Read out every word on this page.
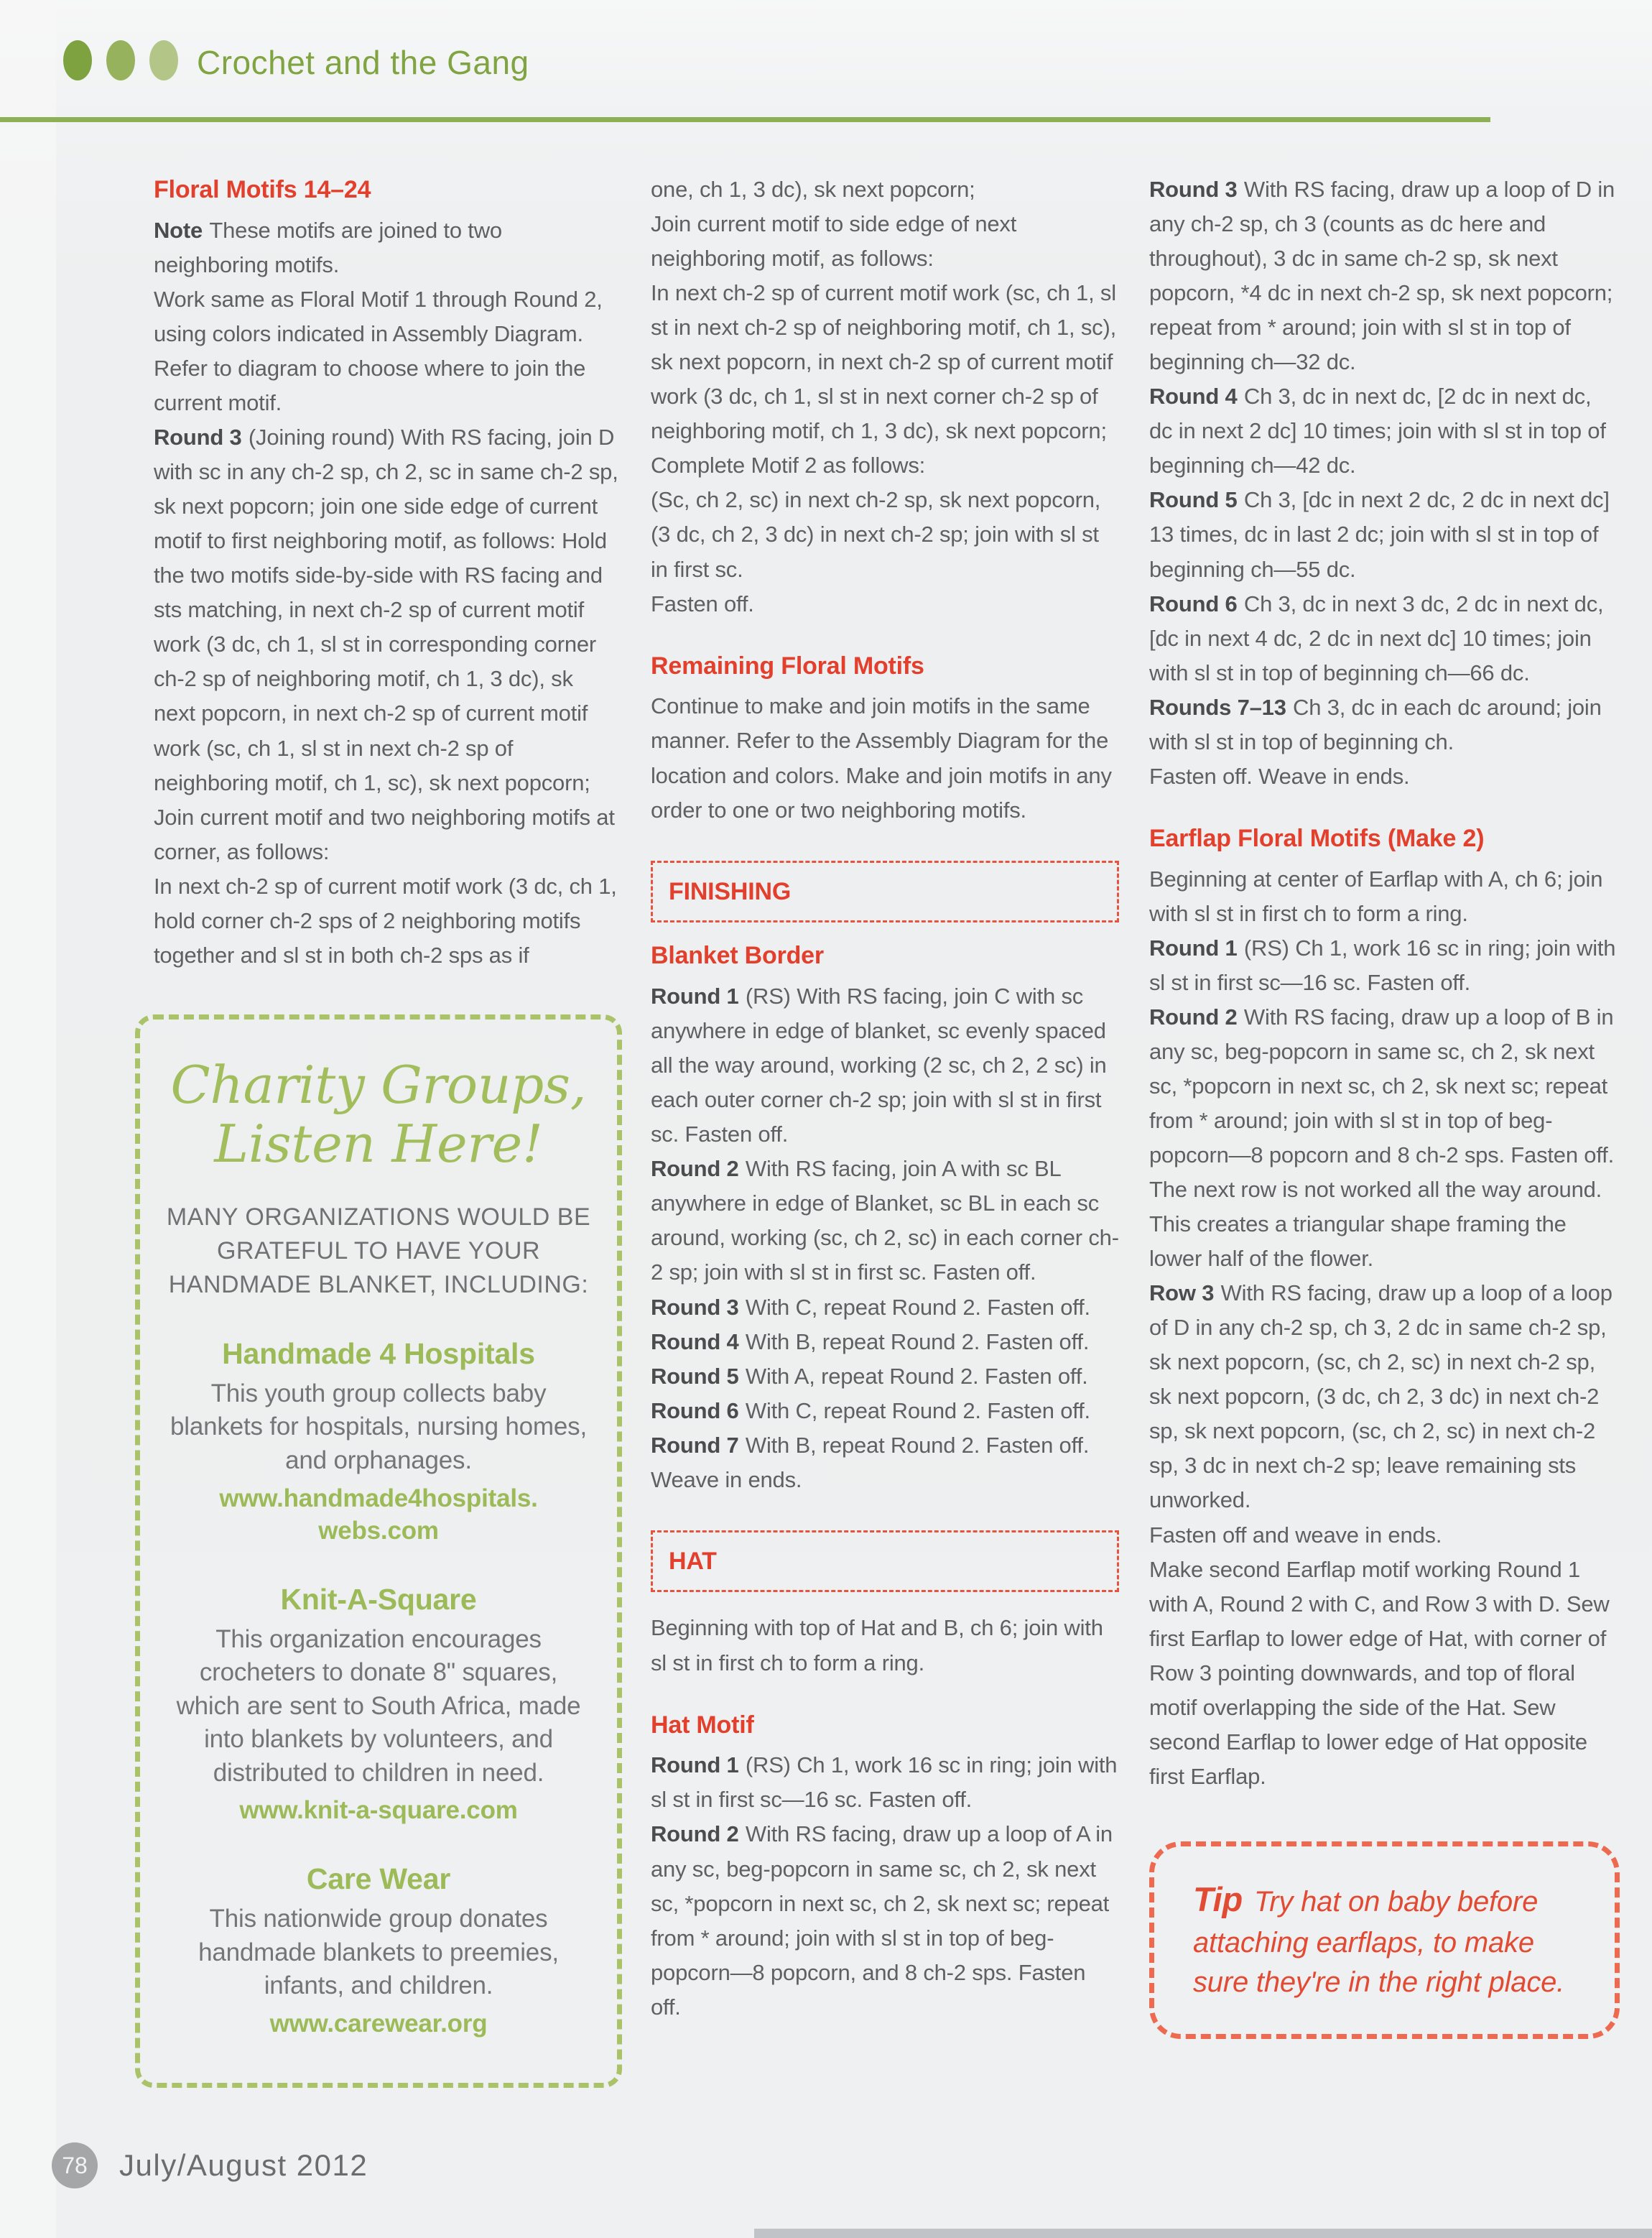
Crochet and the Gang
Floral Motifs 14–24

Note These motifs are joined to two neighboring motifs.

Work same as Floral Motif 1 through Round 2, using colors indicated in Assembly Diagram. Refer to diagram to choose where to join the current motif.

Round 3 (Joining round) With RS facing, join D with sc in any ch-2 sp, ch 2, sc in same ch-2 sp, sk next popcorn; join one side edge of current motif to first neighboring motif, as follows: Hold the two motifs side-by-side with RS facing and sts matching, in next ch-2 sp of current motif work (3 dc, ch 1, sl st in corresponding corner ch-2 sp of neighboring motif, ch 1, 3 dc), sk next popcorn, in next ch-2 sp of current motif work (sc, ch 1, sl st in next ch-2 sp of neighboring motif, ch 1, sc), sk next popcorn;

Join current motif and two neighboring motifs at corner, as follows:

In next ch-2 sp of current motif work (3 dc, ch 1, hold corner ch-2 sps of 2 neighboring motifs together and sl st in both ch-2 sps as if

Charity Groups,
Listen Here!
MANY ORGANIZATIONS WOULD BE GRATEFUL TO HAVE YOUR HANDMADE BLANKET, INCLUDING:
Handmade 4 Hospitals
This youth group collects baby blankets for hospitals, nursing homes, and orphanages.
www.handmade4hospitals. webs.com
Knit-A-Square
This organization encourages crocheters to donate 8" squares, which are sent to South Africa, made into blankets by volunteers, and distributed to children in need.
www.knit-a-square.com
Care Wear
This nationwide group donates handmade blankets to preemies, infants, and children.
www.carewear.org

one, ch 1, 3 dc), sk next popcorn;

Join current motif to side edge of next neighboring motif, as follows:

In next ch-2 sp of current motif work (sc, ch 1, sl st in next ch-2 sp of neighboring motif, ch 1, sc), sk next popcorn, in next ch-2 sp of current motif work (3 dc, ch 1, sl st in next corner ch-2 sp of neighboring motif, ch 1, 3 dc), sk next popcorn;

Complete Motif 2 as follows:

(Sc, ch 2, sc) in next ch-2 sp, sk next popcorn, (3 dc, ch 2, 3 dc) in next ch-2 sp; join with sl st in first sc.

Fasten off.

Remaining Floral Motifs

Continue to make and join motifs in the same manner. Refer to the Assembly Diagram for the location and colors. Make and join motifs in any order to one or two neighboring motifs.

FINISHING
Blanket Border

Round 1 (RS) With RS facing, join C with sc anywhere in edge of blanket, sc evenly spaced all the way around, working (2 sc, ch 2, 2 sc) in each outer corner ch-2 sp; join with sl st in first sc. Fasten off.

Round 2 With RS facing, join A with sc BL anywhere in edge of Blanket, sc BL in each sc around, working (sc, ch 2, sc) in each corner ch-2 sp; join with sl st in first sc. Fasten off.

Round 3 With C, repeat Round 2. Fasten off.

Round 4 With B, repeat Round 2. Fasten off.

Round 5 With A, repeat Round 2. Fasten off.

Round 6 With C, repeat Round 2. Fasten off.

Round 7 With B, repeat Round 2. Fasten off.

Weave in ends.

HAT

Beginning with top of Hat and B, ch 6; join with sl st in first ch to form a ring.

Hat Motif

Round 1 (RS) Ch 1, work 16 sc in ring; join with sl st in first sc—16 sc. Fasten off.

Round 2 With RS facing, draw up a loop of A in any sc, beg-popcorn in same sc, ch 2, sk next sc, *popcorn in next sc, ch 2, sk next sc; repeat from * around; join with sl st in top of beg-popcorn—8 popcorn, and 8 ch-2 sps. Fasten off.

Round 3 With RS facing, draw up a loop of D in any ch-2 sp, ch 3 (counts as dc here and throughout), 3 dc in same ch-2 sp, sk next popcorn, *4 dc in next ch-2 sp, sk next popcorn; repeat from * around; join with sl st in top of beginning ch—32 dc.

Round 4 Ch 3, dc in next dc, [2 dc in next dc, dc in next 2 dc] 10 times; join with sl st in top of beginning ch—42 dc.

Round 5 Ch 3, [dc in next 2 dc, 2 dc in next dc] 13 times, dc in last 2 dc; join with sl st in top of beginning ch—55 dc.

Round 6 Ch 3, dc in next 3 dc, 2 dc in next dc, [dc in next 4 dc, 2 dc in next dc] 10 times; join with sl st in top of beginning ch—66 dc.

Rounds 7–13 Ch 3, dc in each dc around; join with sl st in top of beginning ch.

Fasten off. Weave in ends.

Earflap Floral Motifs (Make 2)

Beginning at center of Earflap with A, ch 6; join with sl st in first ch to form a ring.

Round 1 (RS) Ch 1, work 16 sc in ring; join with sl st in first sc—16 sc. Fasten off.

Round 2 With RS facing, draw up a loop of B in any sc, beg-popcorn in same sc, ch 2, sk next sc, *popcorn in next sc, ch 2, sk next sc; repeat from * around; join with sl st in top of beg-popcorn—8 popcorn and 8 ch-2 sps. Fasten off.

The next row is not worked all the way around. This creates a triangular shape framing the lower half of the flower.

Row 3 With RS facing, draw up a loop of a loop of D in any ch-2 sp, ch 3, 2 dc in same ch-2 sp, sk next popcorn, (sc, ch 2, sc) in next ch-2 sp, sk next popcorn, (3 dc, ch 2, 3 dc) in next ch-2 sp, sk next popcorn, (sc, ch 2, sc) in next ch-2 sp, 3 dc in next ch-2 sp; leave remaining sts unworked.

Fasten off and weave in ends.

Make second Earflap motif working Round 1 with A, Round 2 with C, and Row 3 with D. Sew first Earflap to lower edge of Hat, with corner of Row 3 pointing downwards, and top of floral motif overlapping the side of the Hat. Sew second Earflap to lower edge of Hat opposite first Earflap.

Tip Try hat on baby before attaching earflaps, to make sure they're in the right place.
78	July/August 2012
